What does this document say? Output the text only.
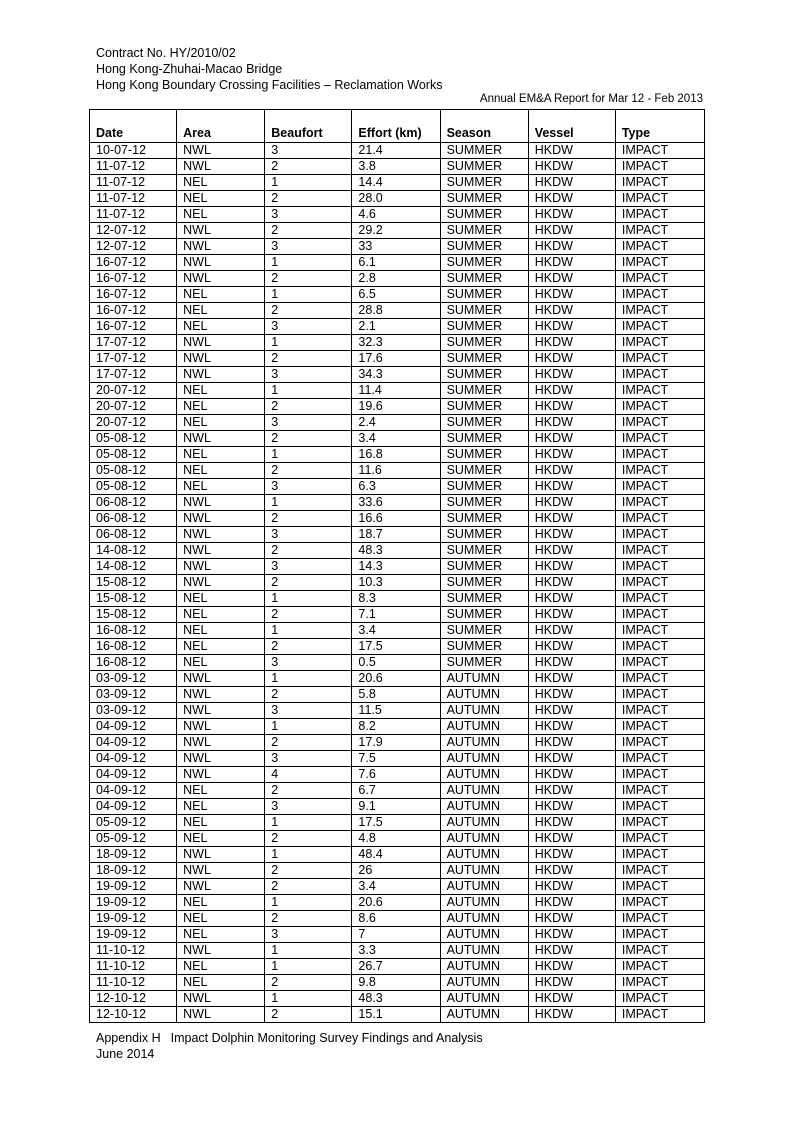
Contract No. HY/2010/02
Hong Kong-Zhuhai-Macao Bridge
Hong Kong Boundary Crossing Facilities – Reclamation Works
Annual EM&A Report for Mar 12 - Feb 2013
Date	Area	Beaufort	Effort (km)	Season	Vessel	Type
10-07-12	NWL	3	21.4	SUMMER	HKDW	IMPACT
11-07-12	NWL	2	3.8	SUMMER	HKDW	IMPACT
11-07-12	NEL	1	14.4	SUMMER	HKDW	IMPACT
11-07-12	NEL	2	28.0	SUMMER	HKDW	IMPACT
11-07-12	NEL	3	4.6	SUMMER	HKDW	IMPACT
12-07-12	NWL	2	29.2	SUMMER	HKDW	IMPACT
12-07-12	NWL	3	33	SUMMER	HKDW	IMPACT
16-07-12	NWL	1	6.1	SUMMER	HKDW	IMPACT
16-07-12	NWL	2	2.8	SUMMER	HKDW	IMPACT
16-07-12	NEL	1	6.5	SUMMER	HKDW	IMPACT
16-07-12	NEL	2	28.8	SUMMER	HKDW	IMPACT
16-07-12	NEL	3	2.1	SUMMER	HKDW	IMPACT
17-07-12	NWL	1	32.3	SUMMER	HKDW	IMPACT
17-07-12	NWL	2	17.6	SUMMER	HKDW	IMPACT
17-07-12	NWL	3	34.3	SUMMER	HKDW	IMPACT
20-07-12	NEL	1	11.4	SUMMER	HKDW	IMPACT
20-07-12	NEL	2	19.6	SUMMER	HKDW	IMPACT
20-07-12	NEL	3	2.4	SUMMER	HKDW	IMPACT
05-08-12	NWL	2	3.4	SUMMER	HKDW	IMPACT
05-08-12	NEL	1	16.8	SUMMER	HKDW	IMPACT
05-08-12	NEL	2	11.6	SUMMER	HKDW	IMPACT
05-08-12	NEL	3	6.3	SUMMER	HKDW	IMPACT
06-08-12	NWL	1	33.6	SUMMER	HKDW	IMPACT
06-08-12	NWL	2	16.6	SUMMER	HKDW	IMPACT
06-08-12	NWL	3	18.7	SUMMER	HKDW	IMPACT
14-08-12	NWL	2	48.3	SUMMER	HKDW	IMPACT
14-08-12	NWL	3	14.3	SUMMER	HKDW	IMPACT
15-08-12	NWL	2	10.3	SUMMER	HKDW	IMPACT
15-08-12	NEL	1	8.3	SUMMER	HKDW	IMPACT
15-08-12	NEL	2	7.1	SUMMER	HKDW	IMPACT
16-08-12	NEL	1	3.4	SUMMER	HKDW	IMPACT
16-08-12	NEL	2	17.5	SUMMER	HKDW	IMPACT
16-08-12	NEL	3	0.5	SUMMER	HKDW	IMPACT
03-09-12	NWL	1	20.6	AUTUMN	HKDW	IMPACT
03-09-12	NWL	2	5.8	AUTUMN	HKDW	IMPACT
03-09-12	NWL	3	11.5	AUTUMN	HKDW	IMPACT
04-09-12	NWL	1	8.2	AUTUMN	HKDW	IMPACT
04-09-12	NWL	2	17.9	AUTUMN	HKDW	IMPACT
04-09-12	NWL	3	7.5	AUTUMN	HKDW	IMPACT
04-09-12	NWL	4	7.6	AUTUMN	HKDW	IMPACT
04-09-12	NEL	2	6.7	AUTUMN	HKDW	IMPACT
04-09-12	NEL	3	9.1	AUTUMN	HKDW	IMPACT
05-09-12	NEL	1	17.5	AUTUMN	HKDW	IMPACT
05-09-12	NEL	2	4.8	AUTUMN	HKDW	IMPACT
18-09-12	NWL	1	48.4	AUTUMN	HKDW	IMPACT
18-09-12	NWL	2	26	AUTUMN	HKDW	IMPACT
19-09-12	NWL	2	3.4	AUTUMN	HKDW	IMPACT
19-09-12	NEL	1	20.6	AUTUMN	HKDW	IMPACT
19-09-12	NEL	2	8.6	AUTUMN	HKDW	IMPACT
19-09-12	NEL	3	7	AUTUMN	HKDW	IMPACT
11-10-12	NWL	1	3.3	AUTUMN	HKDW	IMPACT
11-10-12	NEL	1	26.7	AUTUMN	HKDW	IMPACT
11-10-12	NEL	2	9.8	AUTUMN	HKDW	IMPACT
12-10-12	NWL	1	48.3	AUTUMN	HKDW	IMPACT
12-10-12	NWL	2	15.1	AUTUMN	HKDW	IMPACT
Appendix H Impact Dolphin Monitoring Survey Findings and Analysis
June 2014
